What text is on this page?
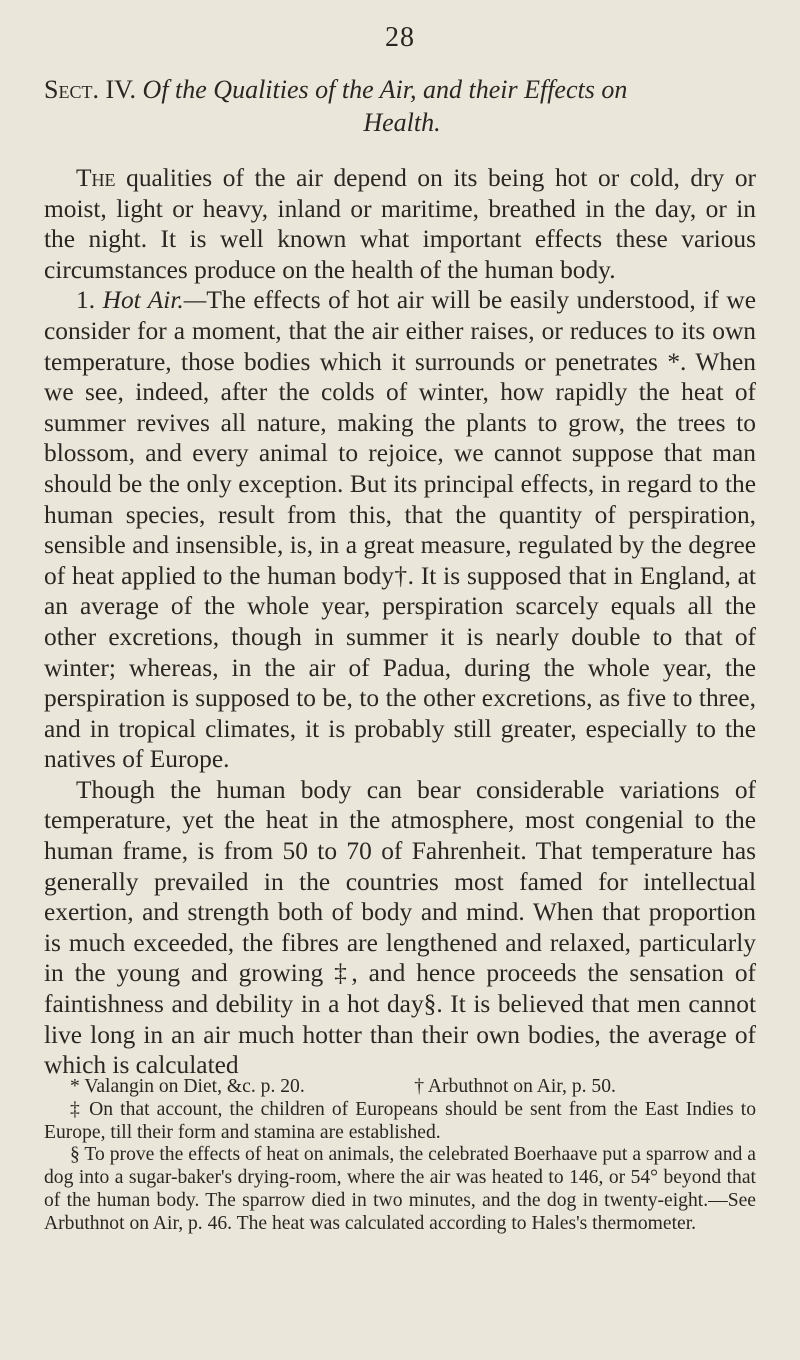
28
Sect. IV. Of the Qualities of the Air, and their Effects on
Health.

The qualities of the air depend on its being hot or cold, dry or moist, light or heavy, inland or maritime, breathed in the day, or in the night. It is well known what important effects these various circumstances produce on the health of the human body.

1. Hot Air.—The effects of hot air will be easily understood, if we consider for a moment, that the air either raises, or reduces to its own temperature, those bodies which it surrounds or penetrates *. When we see, indeed, after the colds of winter, how rapidly the heat of summer revives all nature, making the plants to grow, the trees to blossom, and every animal to rejoice, we cannot suppose that man should be the only exception. But its principal effects, in regard to the human species, result from this, that the quantity of perspiration, sensible and insensible, is, in a great measure, regulated by the degree of heat applied to the human body†. It is supposed that in England, at an average of the whole year, perspiration scarcely equals all the other excretions, though in summer it is nearly double to that of winter; whereas, in the air of Padua, during the whole year, the perspiration is supposed to be, to the other excretions, as five to three, and in tropical climates, it is probably still greater, especially to the natives of Europe.

Though the human body can bear considerable variations of temperature, yet the heat in the atmosphere, most congenial to the human frame, is from 50 to 70 of Fahrenheit. That temperature has generally prevailed in the countries most famed for intellectual exertion, and strength both of body and mind. When that proportion is much exceeded, the fibres are lengthened and relaxed, particularly in the young and growing ‡, and hence proceeds the sensation of faintishness and debility in a hot day§. It is believed that men cannot live long in an air much hotter than their own bodies, the average of which is calculated

* Valangin on Diet, &c. p. 20.	† Arbuthnot on Air, p. 50.

‡ On that account, the children of Europeans should be sent from the East Indies to Europe, till their form and stamina are established.

§ To prove the effects of heat on animals, the celebrated Boerhaave put a sparrow and a dog into a sugar-baker's drying-room, where the air was heated to 146, or 54° beyond that of the human body. The sparrow died in two minutes, and the dog in twenty-eight.—See Arbuthnot on Air, p. 46. The heat was calculated according to Hales's thermometer.
